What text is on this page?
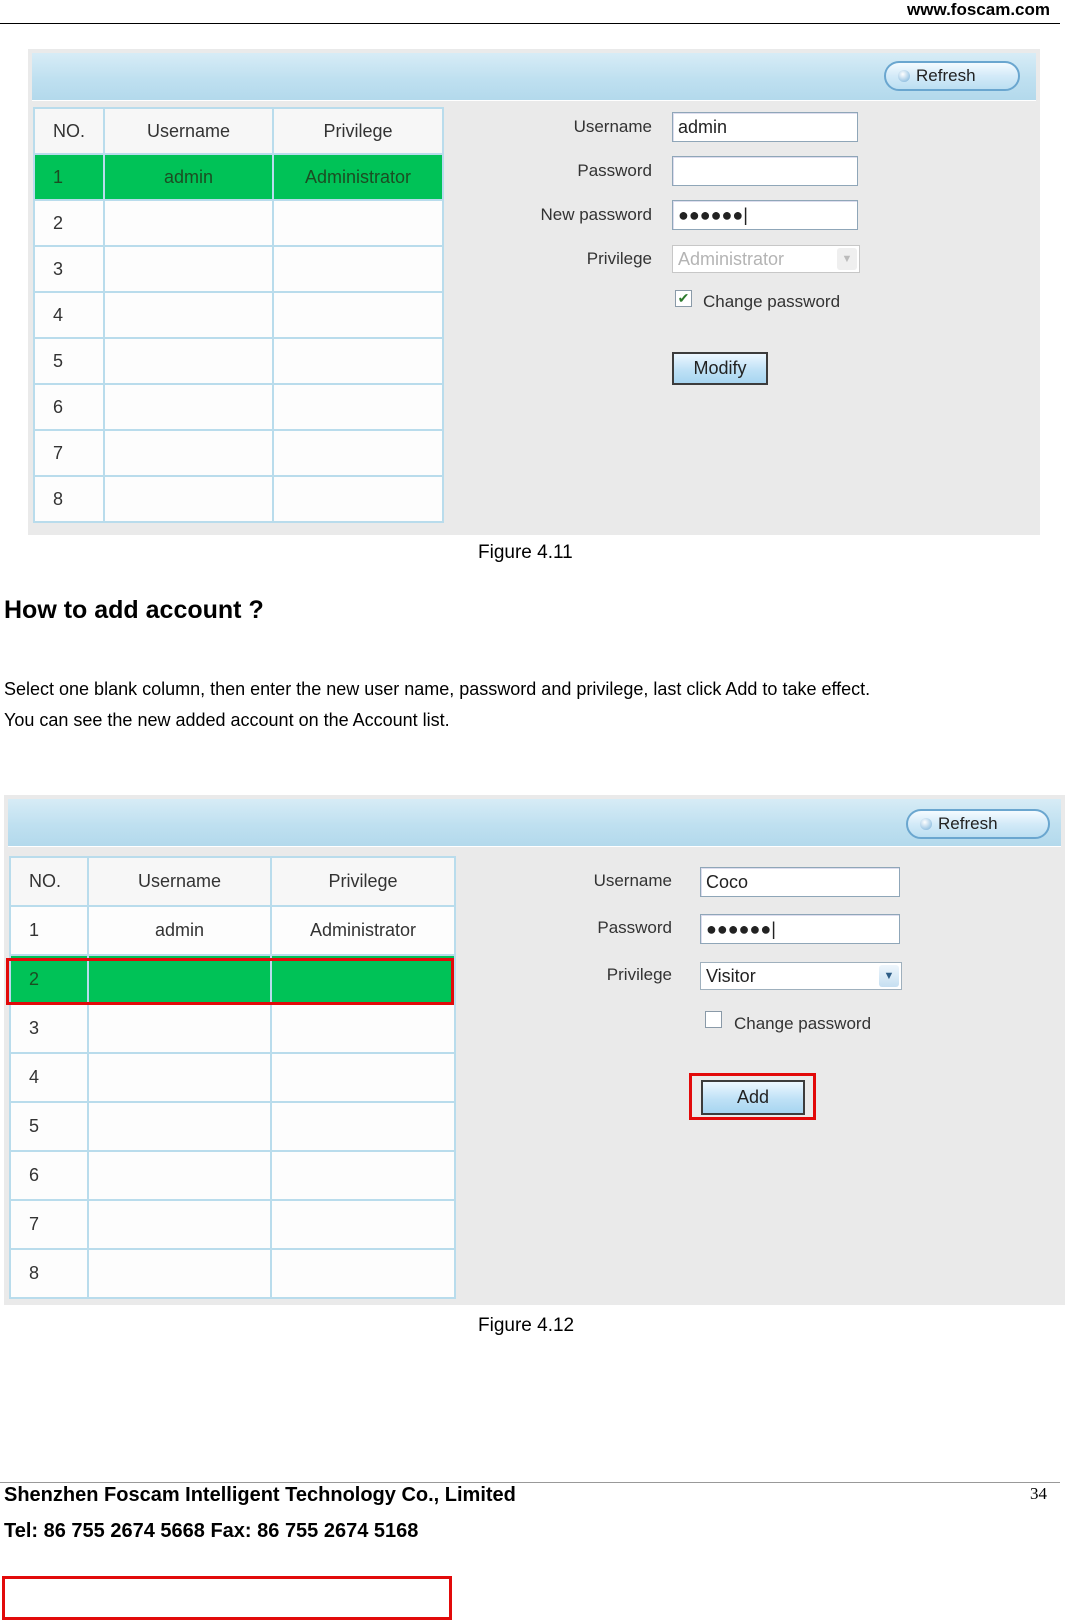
www.foscam.com
Refresh
NO.	Username	Privilege
1	admin	Administrator
2		
3		
4		
5		
6		
7		
8		
Username	admin
Password
New password	●●●●●●|
Privilege	Administrator	▼
✔ Change password
Modify
Figure 4.11
How to add account ?
Select one blank column, then enter the new user name, password and privilege, last click Add to take effect.
You can see the new added account on the Account list.
Refresh
NO.	Username	Privilege
1	admin	Administrator
2		
3		
4		
5		
6		
7		
8		
Username	Coco
Password	●●●●●●|
Privilege	Visitor	▼
Change password
Add
Figure 4.12
Shenzhen Foscam Intelligent Technology Co., Limited	34
Tel: 86 755 2674 5668 Fax: 86 755 2674 5168
